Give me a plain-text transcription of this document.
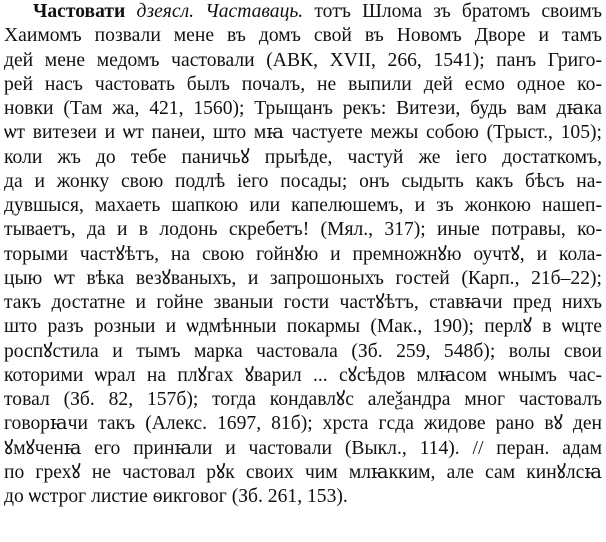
Частовати дзеясл. Частаваць. тотъ Шлома зъ братомъ своимъ
Хаимомъ позвали мене въ домъ свой въ Новомъ Дворе и тамъ
дей мене медомъ частовали (АВК, XVII, 266, 1541); панъ Григо-
рей насъ частовать былъ почалъ, не выпили дей есмо одное ко-
новки (Там жа, 421, 1560); Трыщанъ рекъ: Витези, будь вам дꙗка
ѡт витезеи и ѡт панеи, што мꙗ частуете межы собою (Трыст., 105);
коли жъ до тебе паничьꙋ прыѣде, частуй же іего достаткомъ,
да и жонку свою подлѣ іего посады; онъ сыдыть какъ бѣсъ на-
дувшыся, махаеть шапкою или капелюшемъ, и зъ жонкою нашеп-
тываетъ, да и в лодонь скребетъ! (Мял., 317); иные потравы, ко-
торыми частꙋѣтъ, на свою гойнꙋю и премножнꙋю оучтꙋ, и кола-
цыю ѡт вѣка везꙋваныхъ, и запрошоныхъ гостей (Карп., 21б–22);
такъ достатне и гойне званыи гости частꙋѣтъ, ставꙗчи пред нихъ
што разъ розныи и ѡдмѣнныи покармы (Мак., 190); перлꙋ в ѡцте
роспꙋстила и тымъ марка частовала (Зб. 259, 548б); волы свои
которими ѡрал на плꙋгах ꙋварил ... сꙋсѣдов млꙗсом ѡнымъ час-
товал (Зб. 82, 157б); тогда кондавлꙋс алеѯандра мног частовалъ
говорꙗчи такъ (Алекс. 1697, 81б); хрста гсда жидове рано вꙋ ден
ꙋмꙋченꙗ его принꙗли и частовали (Выкл., 114). // перан. адам
по грехꙋ не частовал рꙋк своих чим млꙗкким, але сам кинꙋлсꙗ
до ѡстрог листие ѳикговог (Зб. 261, 153).
